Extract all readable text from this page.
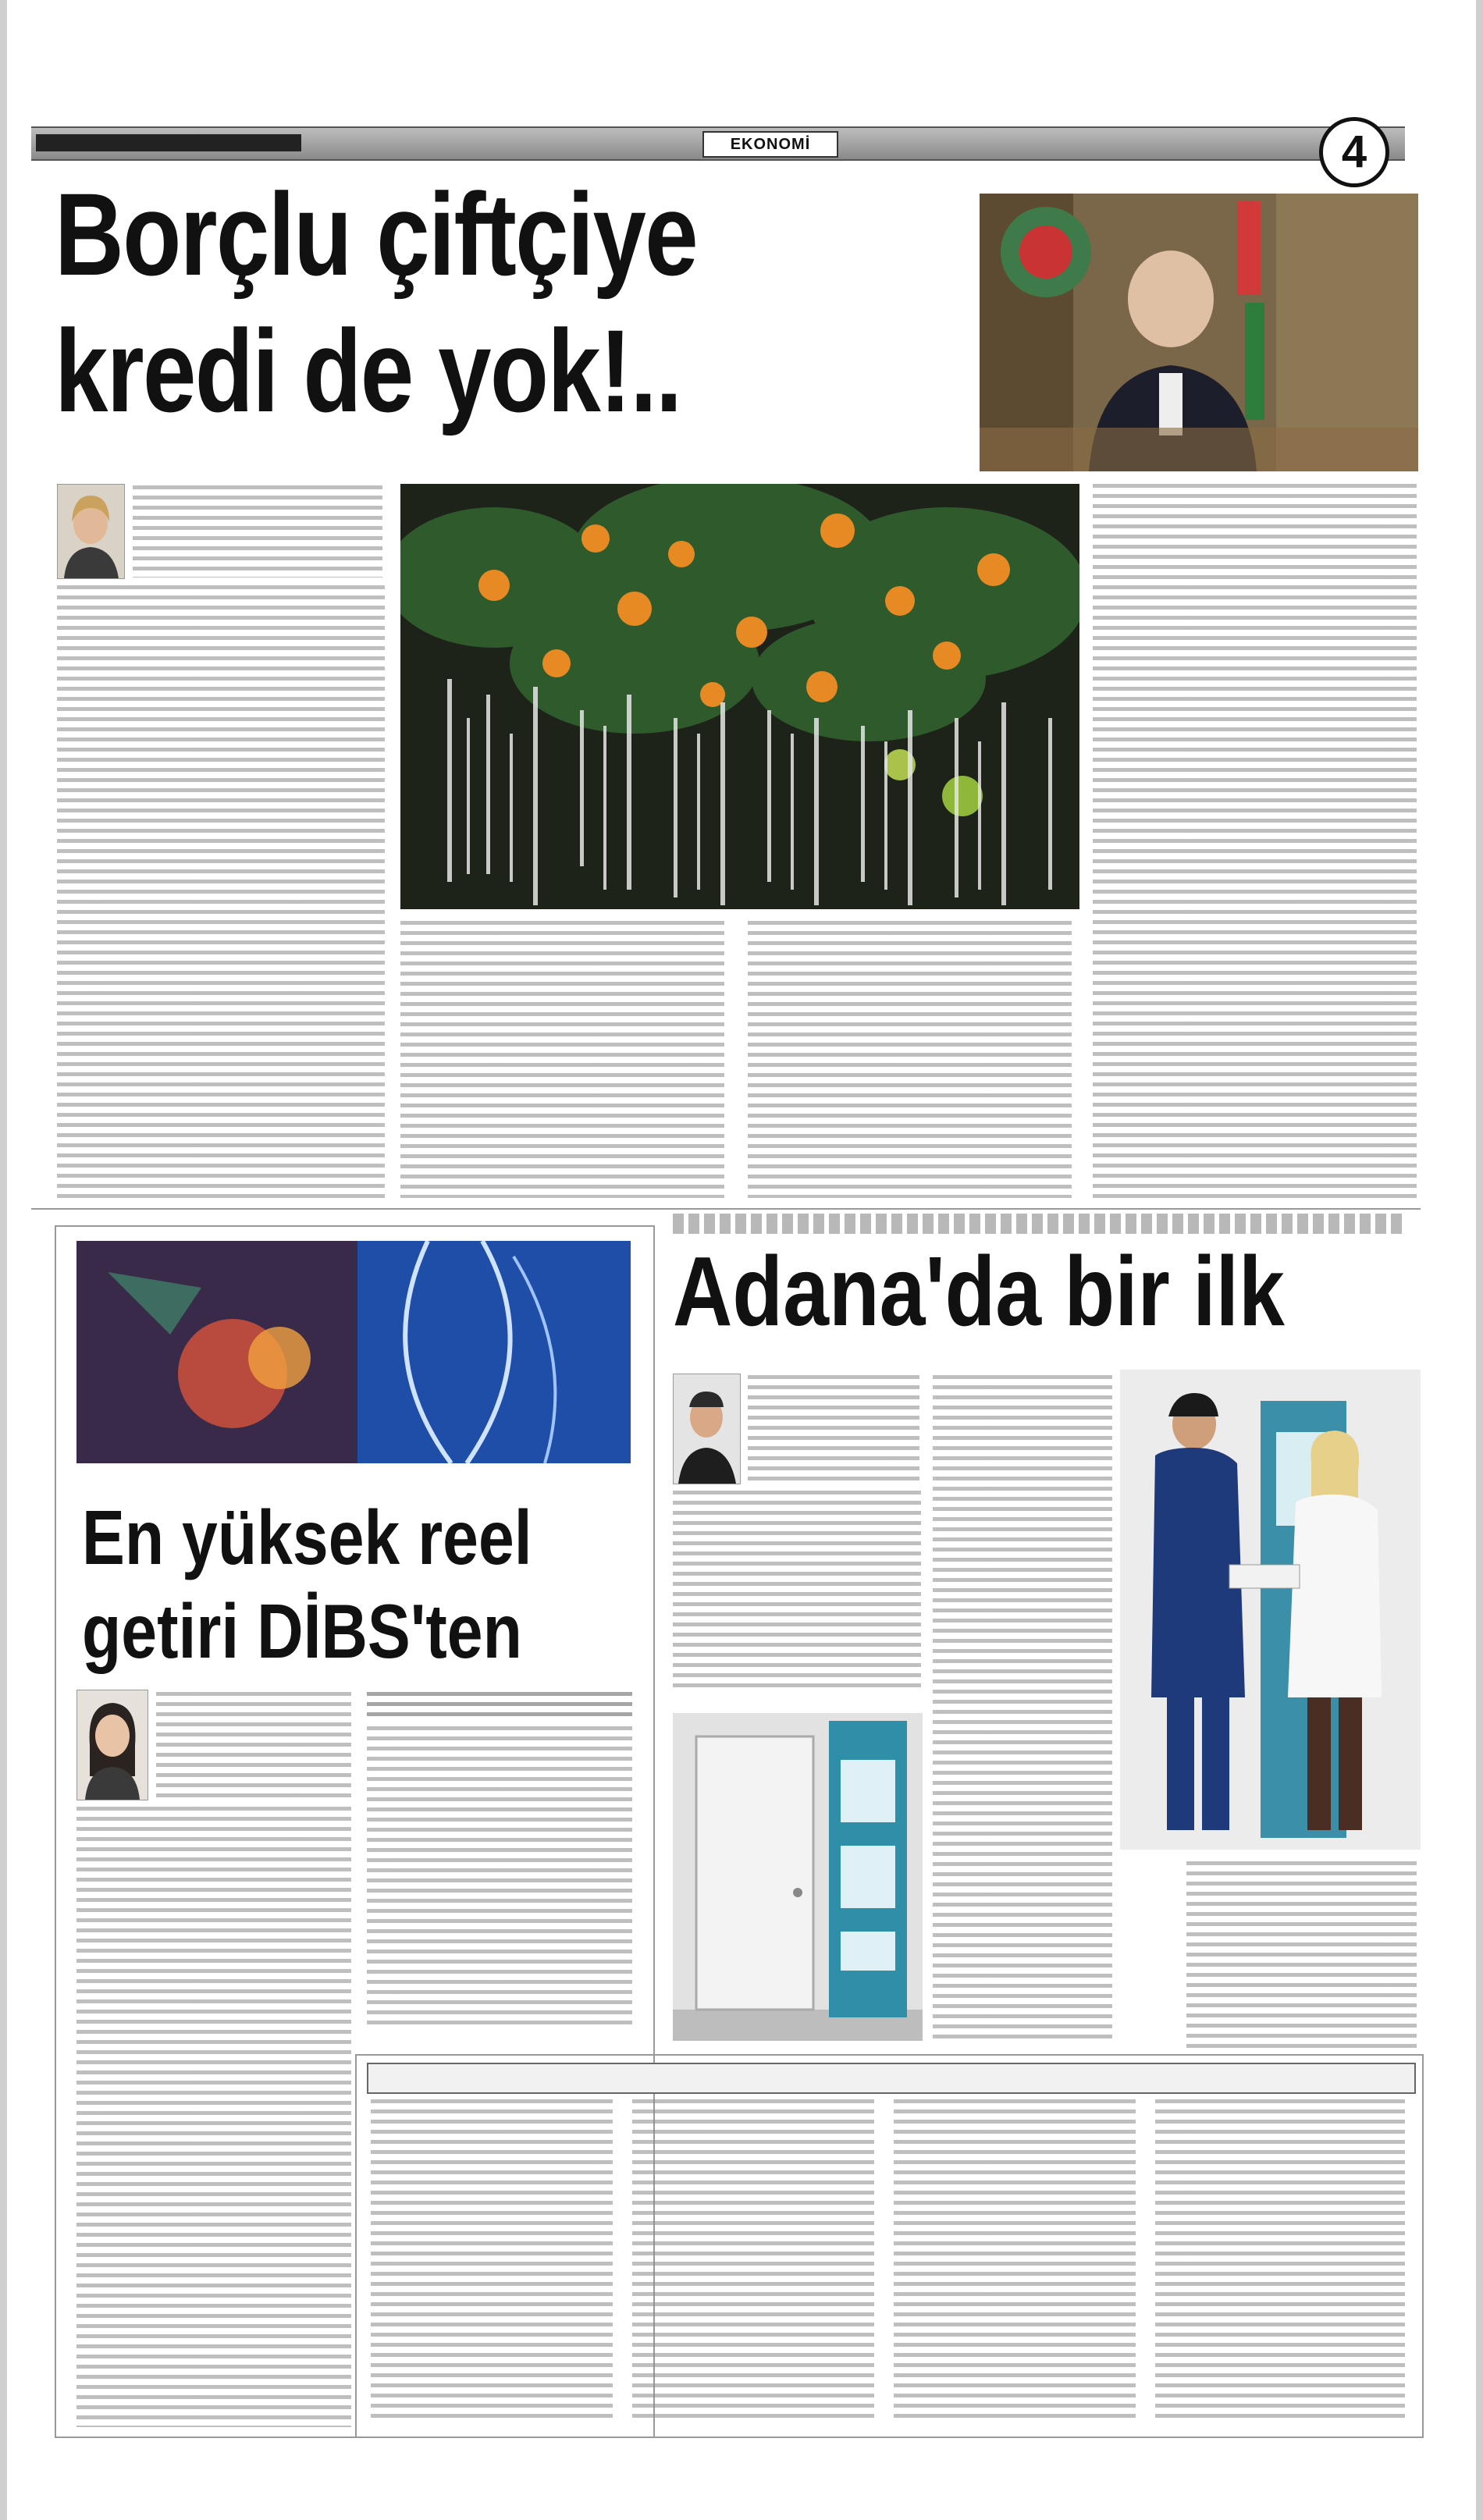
EKONOMİ	4
Borçlu çiftçiye
kredi de yok!..
En yüksek reel
getiri DİBS'ten
Adana'da bir ilk
